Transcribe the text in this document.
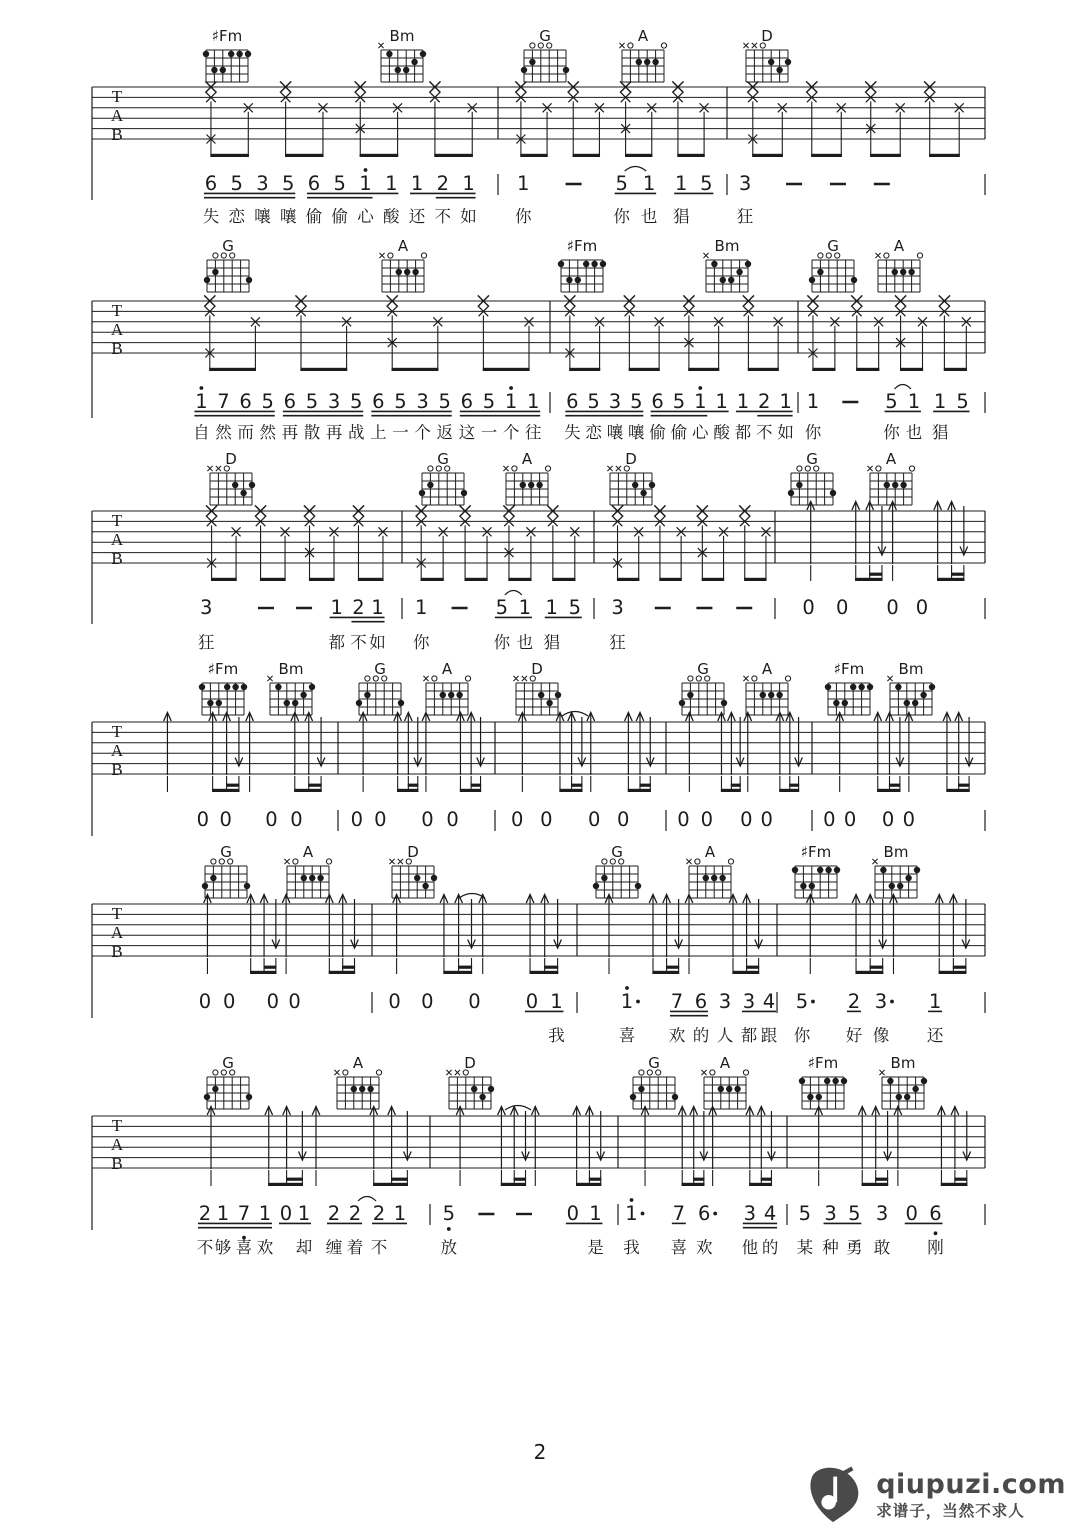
T
A
B
♯Fm	Bm	G	A	D
6
失
5
恋
3
嚷
5
嚷
6
偷
5
偷
1
心
1
酸
1
还
2
不
1
如
1
你
5
你
1
也
1
猖
5 3
狂
T
A
B
G	A	♯Fm	Bm	G	A
1
自
7
然
6
而
5
然
6
再
5
散
3
再
5
战
6
上
5
一
3
个
5
返
6
这
5
一
1
个
1
往
6
失
5
恋
3
嚷
5
嚷
6
偷
5
偷
1
心
1
酸
1
都
2
不
1
如
1
你
5
你
1
也
1
猖
5
T
A
B
D	G	A	D	G	A
3
狂
1
都
2
不
1
如
1
你
5
你
1
也
1
猖
5 3
狂
0 0 0 0
T
A
B
♯Fm	Bm	G	A	D	G	A	♯Fm Bm
0 0 0 0 0 0 0 0	0 0 0 0 0 0 0 0	0 0 0 0
T
A
B
G	A	D	G	A	♯Fm	Bm
0 0 0 0	0 0 0 0 1
我
1
喜
7
欢
6
的
3
人
3
都
4
跟
5
你
2
好
3
像
1
还
T
A
B
G	A	D	G	A	♯Fm	Bm
2
不
1
够
7
喜
1
欢
0 1
却
2
缠
2
着
2
不
1 5
放
0 1
是
1
我
7
喜
6
欢
3
他
4
的
5
某
3
种
5
勇
3
敢
0 6
刚
2
qiupuzi.com
求谱子，当然不求人
